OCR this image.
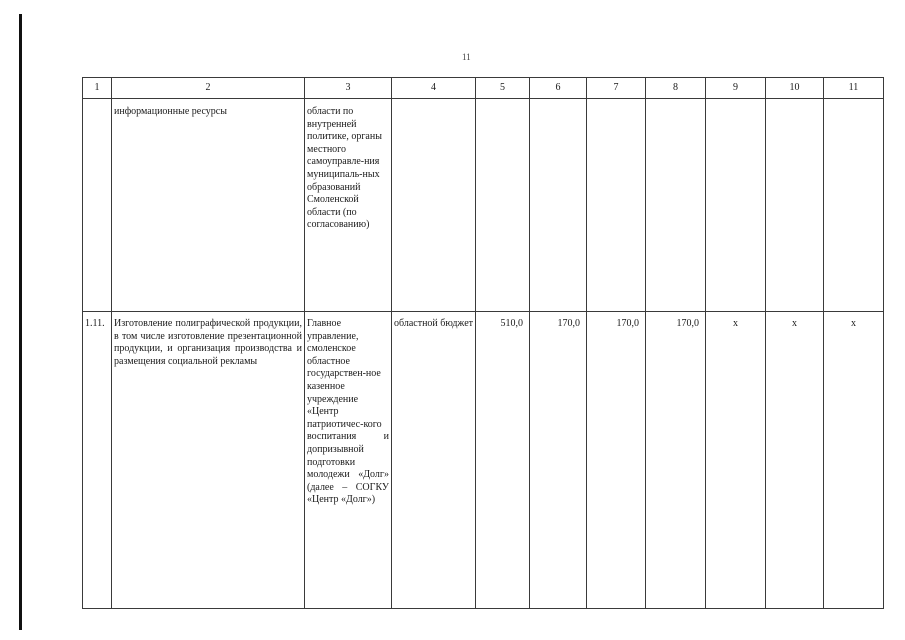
11
1	2	3	4	5	6	7	8	9	10	11
	информационные ресурсы	области по внутренней политике, органы местного самоуправле-ния муниципаль-ных образований Смоленской области (по согласованию)								
1.11.	Изготовление полиграфической продукции, в том числе изготовление презентационной продукции, и организация производства и размещения социальной рекламы	Главное управление, смоленское областное государствен-ное казенное учреждение «Центр патриотичес-кого воспитания и допризывной подготовки молодежи «Долг» (далее – СОГКУ «Центр «Долг»)	областной бюджет	510,0	170,0	170,0	170,0	x	x	x
